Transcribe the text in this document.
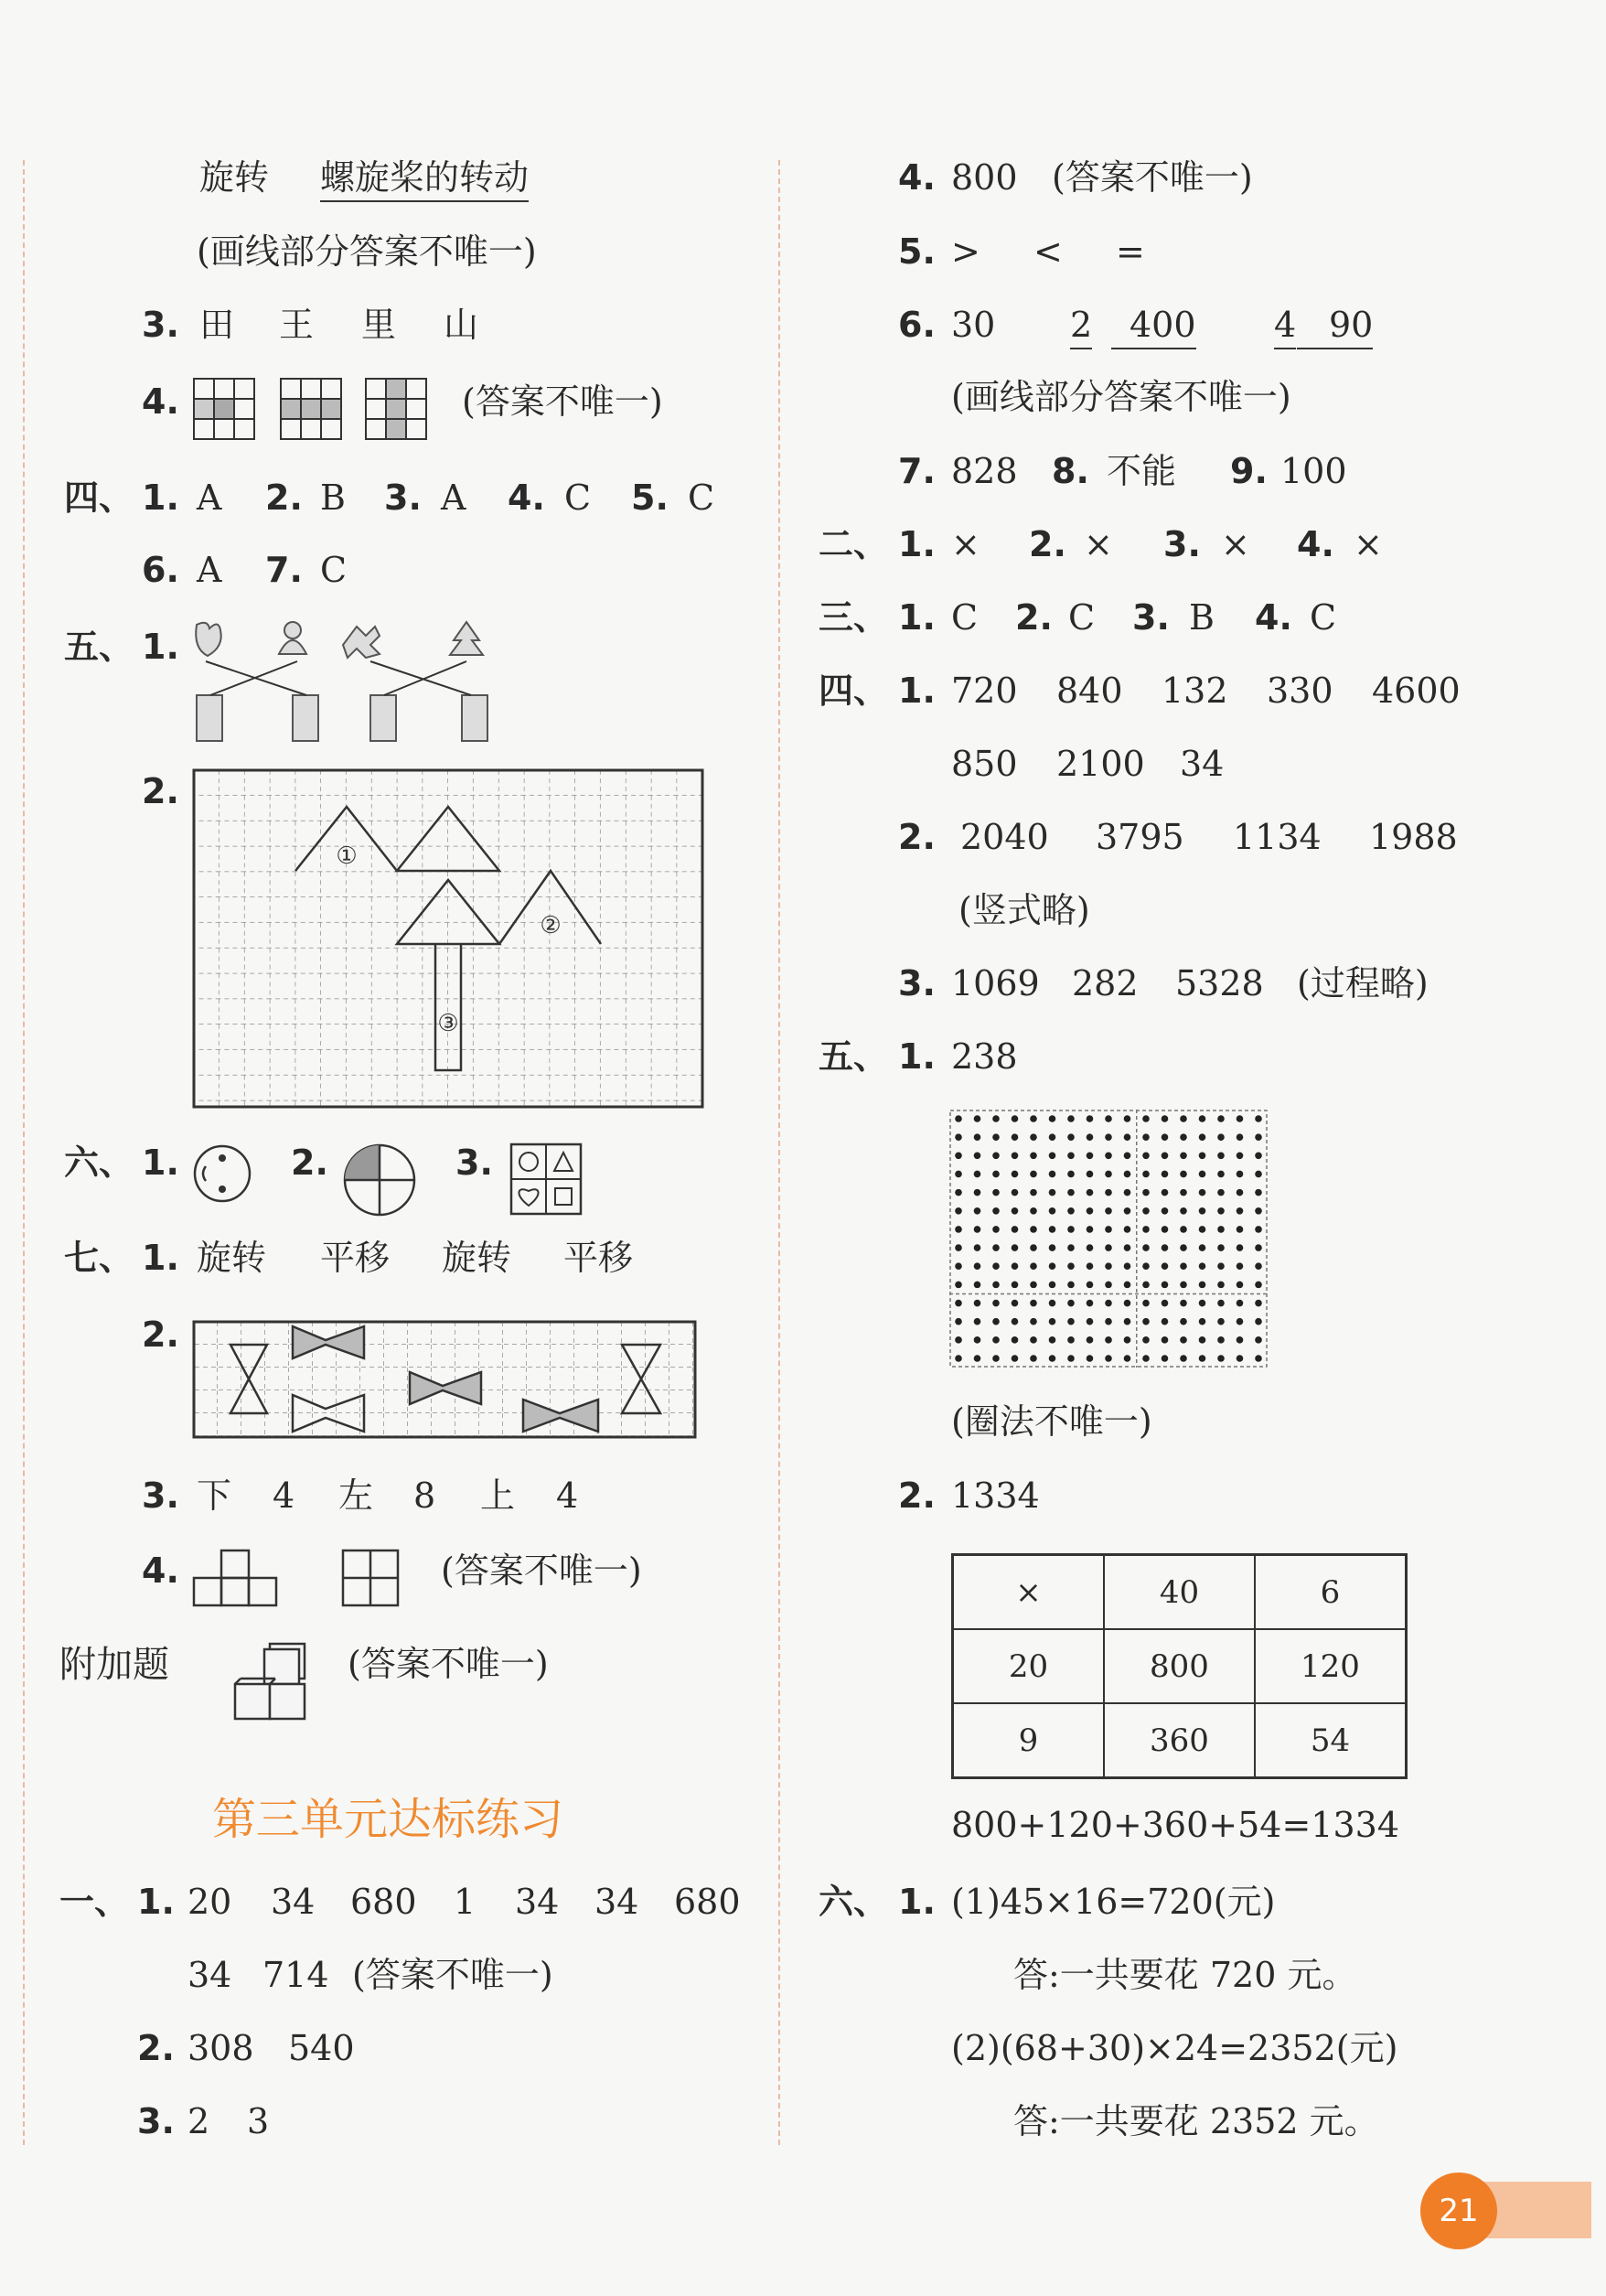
旋转 螺旋桨的转动
(画线部分答案不唯一)
3. 田 王 里 山
4.	(答案不唯一)
四、 1. A 2. B 3. A 4. C 5. C
6. A 7. C
五、 1.
2.
①
②
③
六、 1.	2.	3.
七、 1. 旋转 平移 旋转 平移
2.
3. 下 4 左 8 上 4
4.	(答案不唯一)
附加题	(答案不唯一)
第三单元达标练习
一、 1. 20 34 680 1 34 34 680
34 714 (答案不唯一)
2. 308 540
3. 2 3
4. 800 (答案不唯一)
5. > < =
6. 30 2	400 4 90
(画线部分答案不唯一)
7. 828 8. 不能 9. 100
二、 1. × 2. × 3. × 4. ×
三、 1. C 2. C 3. B 4. C
四、 1. 720 840 132 330 4600
850 2100 34
2. 2040 3795 1134 1988
(竖式略)
3. 1069 282 5328 (过程略)
五、 1. 238
(圈法不唯一)
2. 1334
×	40	6
20	800	120
9	360	54
800+120+360+54=1334
六、 1. (1)45×16=720(元)
答:一共要花 720 元。
(2)(68+30)×24=2352(元)
答:一共要花 2352 元。
21
